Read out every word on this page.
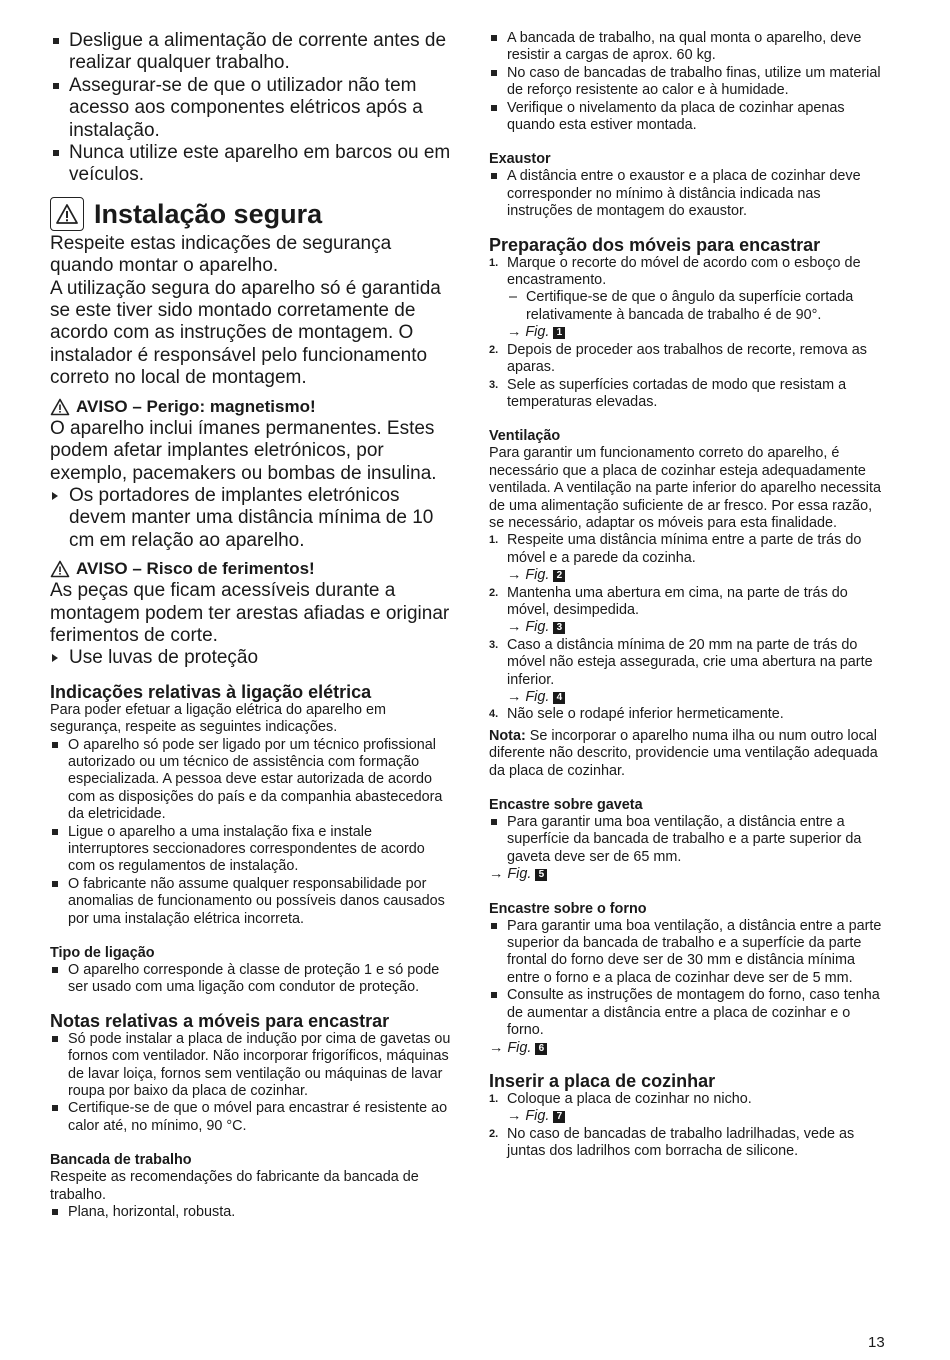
Desligue a alimentação de corrente antes de realizar qualquer trabalho.
Assegurar-se de que o utilizador não tem acesso aos componentes elétricos após a instalação.
Nunca utilize este aparelho em barcos ou em veículos.
Instalação segura

Respeite estas indicações de segurança quando montar o aparelho.

A utilização segura do aparelho só é garantida se este tiver sido montado corretamente de acordo com as instruções de montagem. O instalador é responsável pelo funcionamento correto no local de montagem.

AVISO – Perigo: magnetismo!

O aparelho inclui ímanes permanentes. Estes podem afetar implantes eletrónicos, por exemplo, pacemakers ou bombas de insulina.

Os portadores de implantes eletrónicos devem manter uma distância mínima de 10 cm em relação ao aparelho.
AVISO – Risco de ferimentos!

As peças que ficam acessíveis durante a montagem podem ter arestas afiadas e originar ferimentos de corte.

Use luvas de proteção
Indicações relativas à ligação elétrica

Para poder efetuar a ligação elétrica do aparelho em segurança, respeite as seguintes indicações.

O aparelho só pode ser ligado por um técnico profissional autorizado ou um técnico de assistência com formação especializada. A pessoa deve estar autorizada de acordo com as disposições do país e da companhia abastecedora da eletricidade.
Ligue o aparelho a uma instalação fixa e instale interruptores seccionadores correspondentes de acordo com os regulamentos de instalação.
O fabricante não assume qualquer responsabilidade por anomalias de funcionamento ou possíveis danos causados por uma instalação elétrica incorreta.
Tipo de ligação
O aparelho corresponde à classe de proteção 1 e só pode ser usado com uma ligação com condutor de proteção.
Notas relativas a móveis para encastrar
Só pode instalar a placa de indução por cima de gavetas ou fornos com ventilador. Não incorporar frigoríficos, máquinas de lavar loiça, fornos sem ventilação ou máquinas de lavar roupa por baixo da placa de cozinhar.
Certifique-se de que o móvel para encastrar é resistente ao calor até, no mínimo, 90 °C.
Bancada de trabalho

Respeite as recomendações do fabricante da bancada de trabalho.

Plana, horizontal, robusta.
A bancada de trabalho, na qual monta o aparelho, deve resistir a cargas de aprox. 60 kg.
No caso de bancadas de trabalho finas, utilize um material de reforço resistente ao calor e à humidade.
Verifique o nivelamento da placa de cozinhar apenas quando esta estiver montada.
Exaustor
A distância entre o exaustor e a placa de cozinhar deve corresponder no mínimo à distância indicada nas instruções de montagem do exaustor.
Preparação dos móveis para encastrar
1. Marque o recorte do móvel de acordo com o esboço de encastramento.
– Certifique-se de que o ângulo da superfície cortada relativamente à bancada de trabalho é de 90°.
→ Fig. 1
2. Depois de proceder aos trabalhos de recorte, remova as aparas.
3. Sele as superfícies cortadas de modo que resistam a temperaturas elevadas.
Ventilação

Para garantir um funcionamento correto do aparelho, é necessário que a placa de cozinhar esteja adequadamente ventilada. A ventilação na parte inferior do aparelho necessita de uma alimentação suficiente de ar fresco. Por essa razão, se necessário, adaptar os móveis para esta finalidade.

1. Respeite uma distância mínima entre a parte de trás do móvel e a parede da cozinha.
→ Fig. 2
2. Mantenha uma abertura em cima, na parte de trás do móvel, desimpedida.
→ Fig. 3
3. Caso a distância mínima de 20 mm na parte de trás do móvel não esteja assegurada, crie uma abertura na parte inferior.
→ Fig. 4
4. Não sele o rodapé inferior hermeticamente.

Nota: Se incorporar o aparelho numa ilha ou num outro local diferente não descrito, providencie uma ventilação adequada da placa de cozinhar.

Encastre sobre gaveta
Para garantir uma boa ventilação, a distância entre a superfície da bancada de trabalho e a parte superior da gaveta deve ser de 65 mm.
→ Fig. 5
Encastre sobre o forno
Para garantir uma boa ventilação, a distância entre a parte superior da bancada de trabalho e a superfície da parte frontal do forno deve ser de 30 mm e distância mínima entre o forno e a placa de cozinhar deve ser de 5 mm.
Consulte as instruções de montagem do forno, caso tenha de aumentar a distância entre a placa de cozinhar e o forno.
→ Fig. 6
Inserir a placa de cozinhar
1. Coloque a placa de cozinhar no nicho.
→ Fig. 7
2. No caso de bancadas de trabalho ladrilhadas, vede as juntas dos ladrilhos com borracha de silicone.
13
